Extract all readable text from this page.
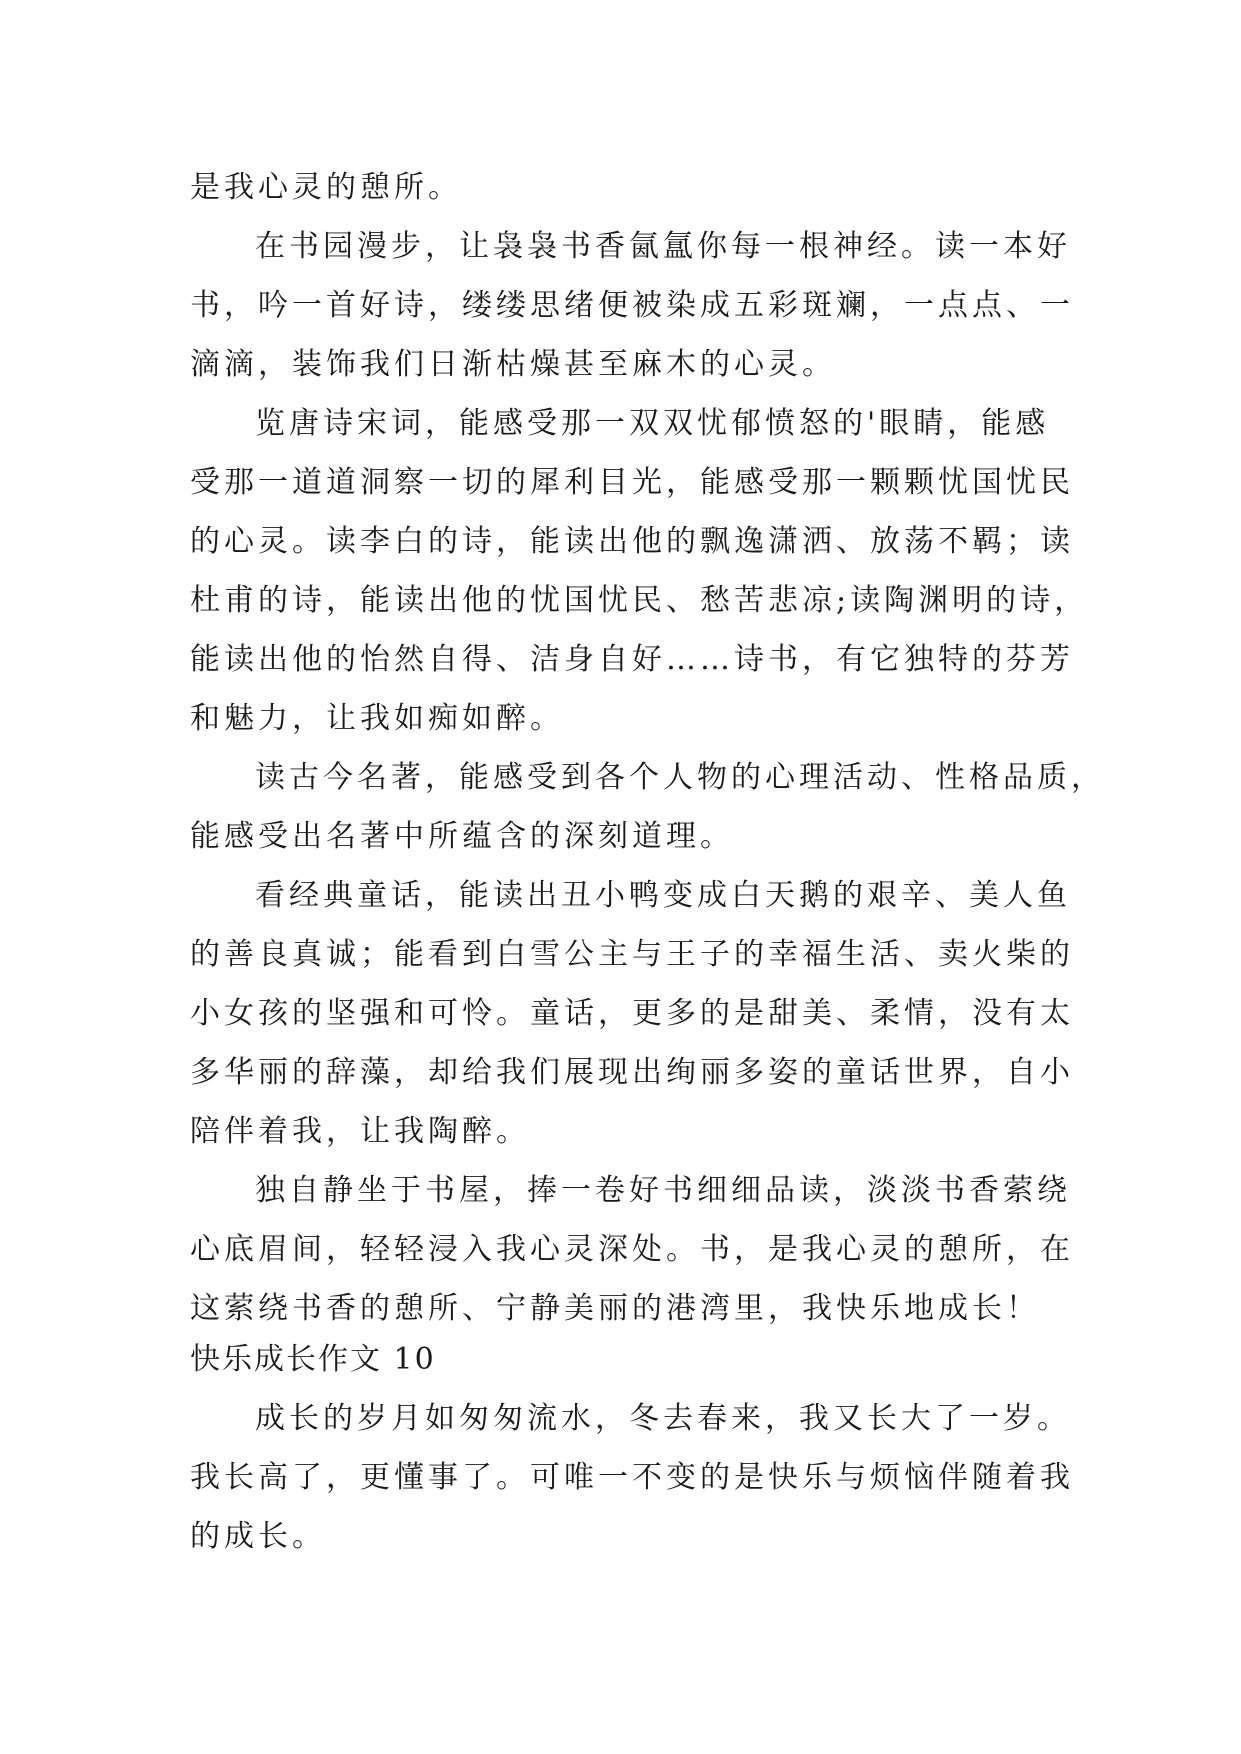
是我心灵的憩所。
在书园漫步，让袅袅书香氤氲你每一根神经。读一本好
书，吟一首好诗，缕缕思绪便被染成五彩斑斓，一点点、一
滴滴，装饰我们日渐枯燥甚至麻木的心灵。
览唐诗宋词，能感受那一双双忧郁愤怒的'眼睛，能感
受那一道道洞察一切的犀利目光，能感受那一颗颗忧国忧民
的心灵。读李白的诗，能读出他的飘逸潇洒、放荡不羁；读
杜甫的诗，能读出他的忧国忧民、愁苦悲凉;读陶渊明的诗，
能读出他的怡然自得、洁身自好……诗书，有它独特的芬芳
和魅力，让我如痴如醉。
读古今名著，能感受到各个人物的心理活动、性格品质，
能感受出名著中所蕴含的深刻道理。
看经典童话，能读出丑小鸭变成白天鹅的艰辛、美人鱼
的善良真诚；能看到白雪公主与王子的幸福生活、卖火柴的
小女孩的坚强和可怜。童话，更多的是甜美、柔情，没有太
多华丽的辞藻，却给我们展现出绚丽多姿的童话世界，自小
陪伴着我，让我陶醉。
独自静坐于书屋，捧一卷好书细细品读，淡淡书香萦绕
心底眉间，轻轻浸入我心灵深处。书，是我心灵的憩所，在
这萦绕书香的憩所、宁静美丽的港湾里，我快乐地成长！
快乐成长作文 10
成长的岁月如匆匆流水，冬去春来，我又长大了一岁。
我长高了，更懂事了。可唯一不变的是快乐与烦恼伴随着我
的成长。
